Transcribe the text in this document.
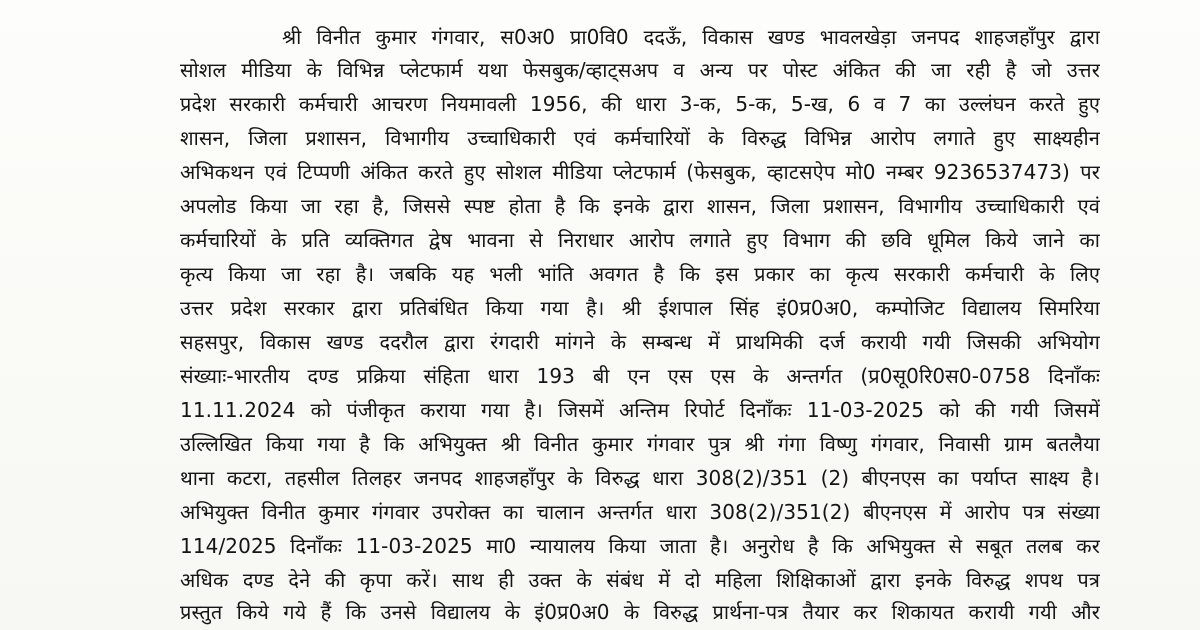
श्री विनीत कुमार गंगवार, स0अ0 प्रा0वि0 ददऊँ, विकास खण्ड भावलखेड़ा जनपद शाहजहाँपुर द्वारा
सोशल मीडिया के विभिन्न प्लेटफार्म यथा फेसबुक/व्हाट्सअप व अन्य पर पोस्ट अंकित की जा रही है जो उत्तर
प्रदेश सरकारी कर्मचारी आचरण नियमावली 1956, की धारा 3-क, 5-क, 5-ख, 6 व 7 का उल्लंघन करते हुए
शासन, जिला प्रशासन, विभागीय उच्चाधिकारी एवं कर्मचारियों के विरुद्ध विभिन्न आरोप लगाते हुए साक्ष्यहीन
अभिकथन एवं टिप्पणी अंकित करते हुए सोशल मीडिया प्लेटफार्म (फेसबुक, व्हाटसऐप मो0 नम्बर 9236537473) पर
अपलोड किया जा रहा है, जिससे स्पष्ट होता है कि इनके द्वारा शासन, जिला प्रशासन, विभागीय उच्चाधिकारी एवं
कर्मचारियों के प्रति व्यक्तिगत द्वेष भावना से निराधार आरोप लगाते हुए विभाग की छवि धूमिल किये जाने का
कृत्य किया जा रहा है। जबकि यह भली भांति अवगत है कि इस प्रकार का कृत्य सरकारी कर्मचारी के लिए
उत्तर प्रदेश सरकार द्वारा प्रतिबंधित किया गया है। श्री ईशपाल सिंह इं0प्र0अ0, कम्पोजिट विद्यालय सिमरिया
सहसपुर, विकास खण्ड ददरौल द्वारा रंगदारी मांगने के सम्बन्ध में प्राथमिकी दर्ज करायी गयी जिसकी अभियोग
संख्याः-भारतीय दण्ड प्रक्रिया संहिता धारा 193 बी एन एस एस के अन्तर्गत (प्र0सू0रि0स0-0758 दिनाँकः
11.11.2024 को पंजीकृत कराया गया है। जिसमें अन्तिम रिपोर्ट दिनाँकः 11-03-2025 को की गयी जिसमें
उल्लिखित किया गया है कि अभियुक्त श्री विनीत कुमार गंगवार पुत्र श्री गंगा विष्णु गंगवार, निवासी ग्राम बतलैया
थाना कटरा, तहसील तिलहर जनपद शाहजहाँपुर के विरुद्ध धारा 308(2)/351 (2) बीएनएस का पर्याप्त साक्ष्य है।
अभियुक्त विनीत कुमार गंगवार उपरोक्त का चालान अन्तर्गत धारा 308(2)/351(2) बीएनएस में आरोप पत्र संख्या
114/2025 दिनाँकः 11-03-2025 मा0 न्यायालय किया जाता है। अनुरोध है कि अभियुक्त से सबूत तलब कर
अधिक दण्ड देने की कृपा करें। साथ ही उक्त के संबंध में दो महिला शिक्षिकाओं द्वारा इनके विरुद्ध शपथ पत्र
प्रस्तुत किये गये हैं कि उनसे विद्यालय के इं0प्र0अ0 के विरुद्ध प्रार्थना-पत्र तैयार कर शिकायत करायी गयी और
